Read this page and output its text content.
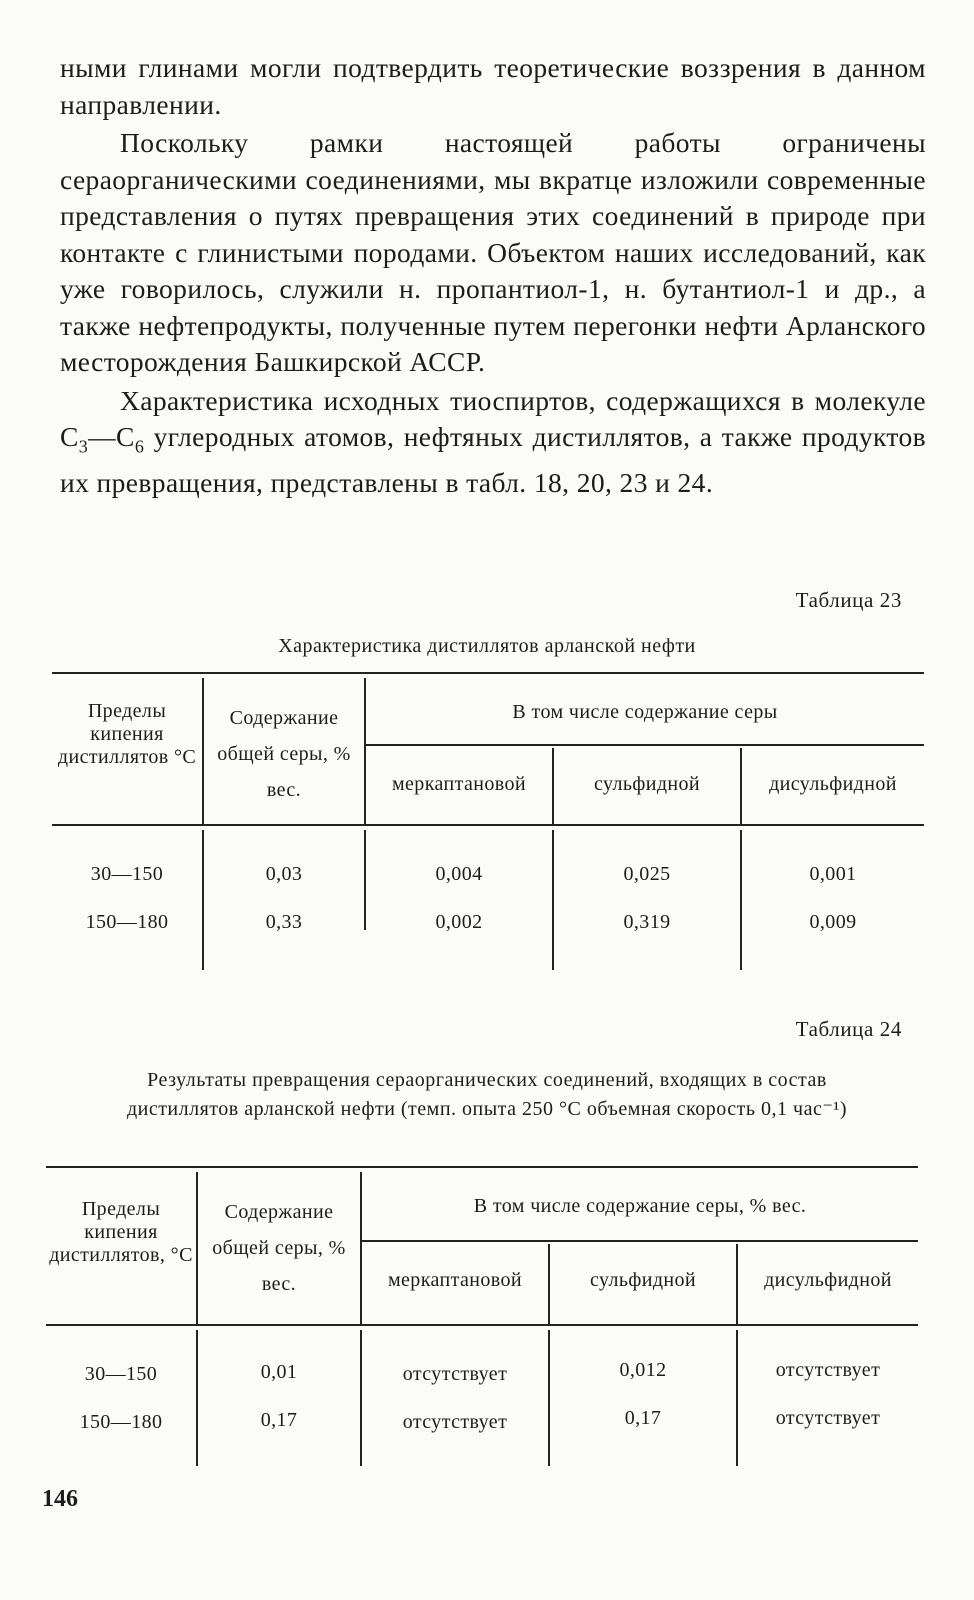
ными глинами могли подтвердить теоретические воззрения в данном направлении.

Поскольку рамки настоящей работы ограничены сераорганическими соединениями, мы вкратце изложили современные представления о путях превращения этих соединений в природе при контакте с глинистыми породами. Объектом наших исследований, как уже говорилось, служили н. пропантиол-1, н. бутантиол-1 и др., а также нефтепродукты, полученные путем перегонки нефти Арланского месторождения Башкирской АССР.

Характеристика исходных тиоспиртов, содержащихся в молекуле $С_3—С_6$ углеродных атомов, нефтяных дистиллятов, а также продуктов их превращения, представлены в табл. 18, 20, 23 и 24.

Таблица 23
Характеристика дистиллятов арланской нефти
Пределы кипения дистиллятов °С
Содержание общей серы, % вес.
В том числе содержание серы
меркаптановой	сульфидной	дисульфидной
30—150	0,03	0,004	0,025	0,001
150—180	0,33	0,002	0,319	0,009
Таблица 24
Результаты превращения сераорганических соединений, входящих в состав дистиллятов арланской нефти (темп. опыта 250 °С объемная скорость 0,1 час⁻¹)
Пределы кипения дистиллятов, °С
Содержание общей серы, % вес.
В том числе содержание серы, % вес.
меркаптановой	сульфидной	дисульфидной
30—150	0,01	отсутствует	0,012	отсутствует
150—180	0,17	отсутствует	0,17	отсутствует
146
